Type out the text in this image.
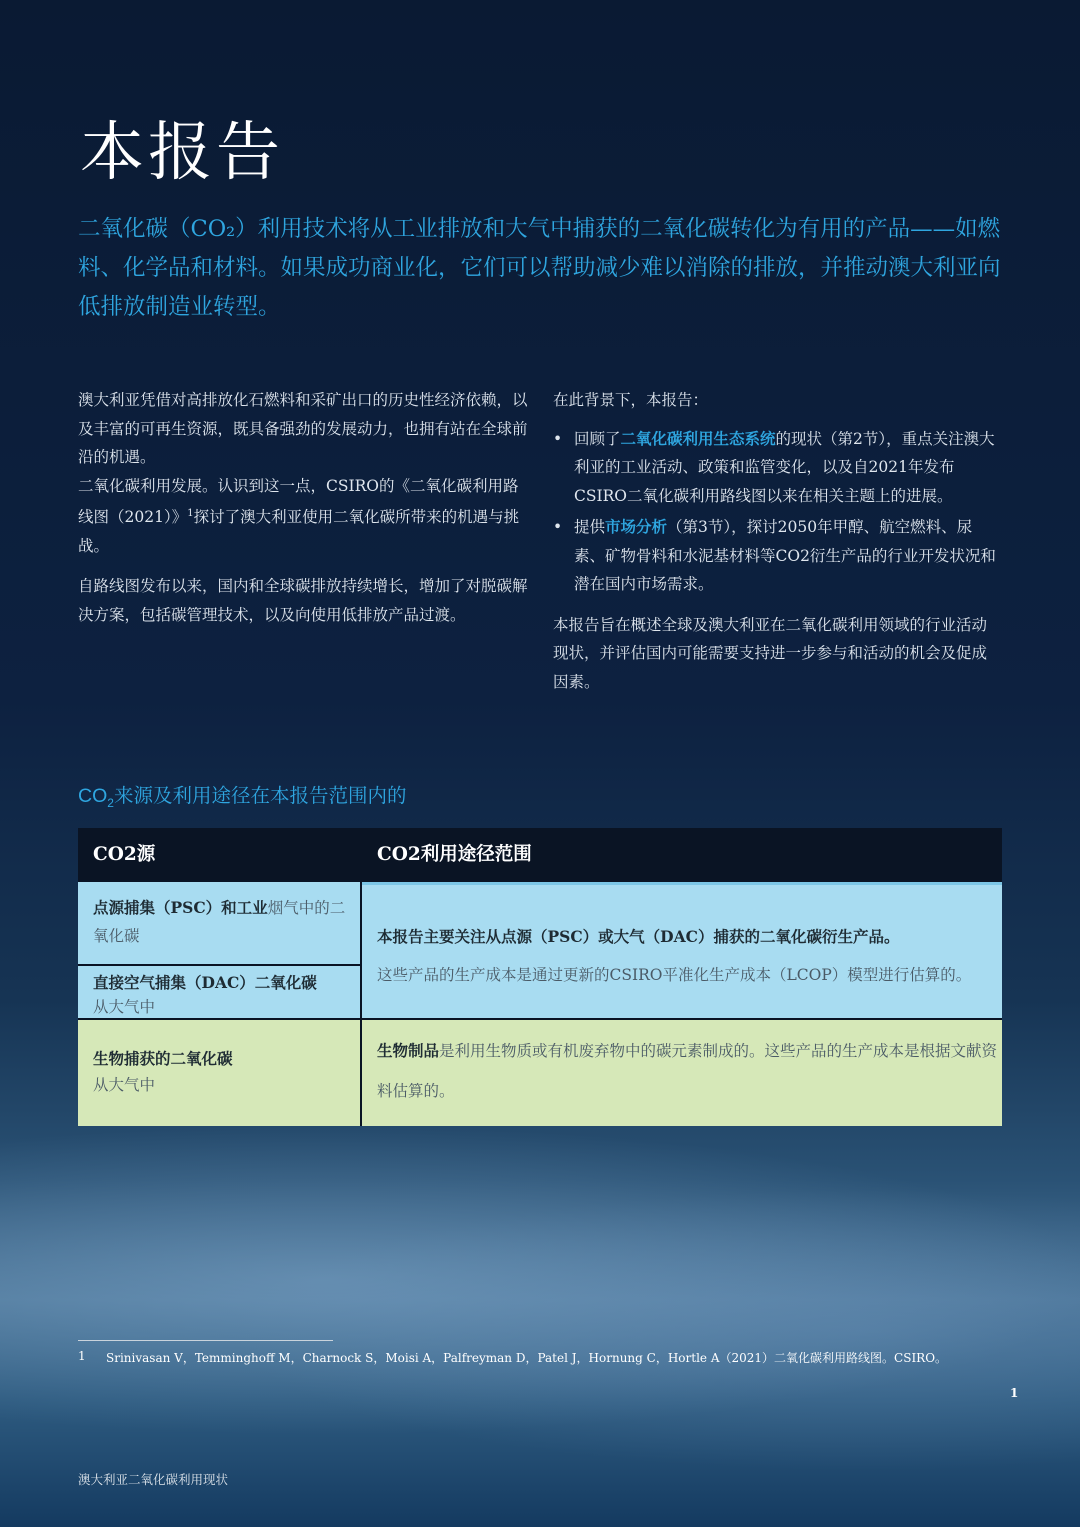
本报告
二氧化碳（CO₂）利用技术将从工业排放和大气中捕获的二氧化碳转化为有用的产品——如燃料、化学品和材料。如果成功商业化，它们可以帮助减少难以消除的排放，并推动澳大利亚向低排放制造业转型。

澳大利亚凭借对高排放化石燃料和采矿出口的历史性经济依赖，以及丰富的可再生资源，既具备强劲的发展动力，也拥有站在全球前沿的机遇。

二氧化碳利用发展。认识到这一点，CSIRO的《二氧化碳利用路线图（2021）》$^1$探讨了澳大利亚使用二氧化碳所带来的机遇与挑战。

自路线图发布以来，国内和全球碳排放持续增长，增加了对脱碳解决方案，包括碳管理技术，以及向使用低排放产品过渡。

在此背景下，本报告：

• 回顾了二氧化碳利用生态系统的现状（第2节），重点关注澳大利亚的工业活动、政策和监管变化，以及自2021年发布CSIRO二氧化碳利用路线图以来在相关主题上的进展。
• 提供市场分析（第3节），探讨2050年甲醇、航空燃料、尿素、矿物骨料和水泥基材料等CO2衍生产品的行业开发状况和潜在国内市场需求。

本报告旨在概述全球及澳大利亚在二氧化碳利用领域的行业活动现状，并评估国内可能需要支持进一步参与和活动的机会及促成因素。

$CO_2$来源及利用途径在本报告范围内的
CO2源	CO2利用途径范围
点源捕集（PSC）和工业烟气中的二氧化碳
直接空气捕集（DAC）二氧化碳
从大气中
生物捕获的二氧化碳
从大气中
本报告主要关注从点源（PSC）或大气（DAC）捕获的二氧化碳衍生产品。
这些产品的生产成本是通过更新的CSIRO平准化生产成本（LCOP）模型进行估算的。
生物制品是利用生物质或有机废弃物中的碳元素制成的。这些产品的生产成本是根据文献资料估算的。
1 Srinivasan V，Temminghoff M，Charnock S，Moisi A，Palfreyman D，Patel J，Hornung C，Hortle A（2021）二氧化碳利用路线图。CSIRO。
1
澳大利亚二氧化碳利用现状
